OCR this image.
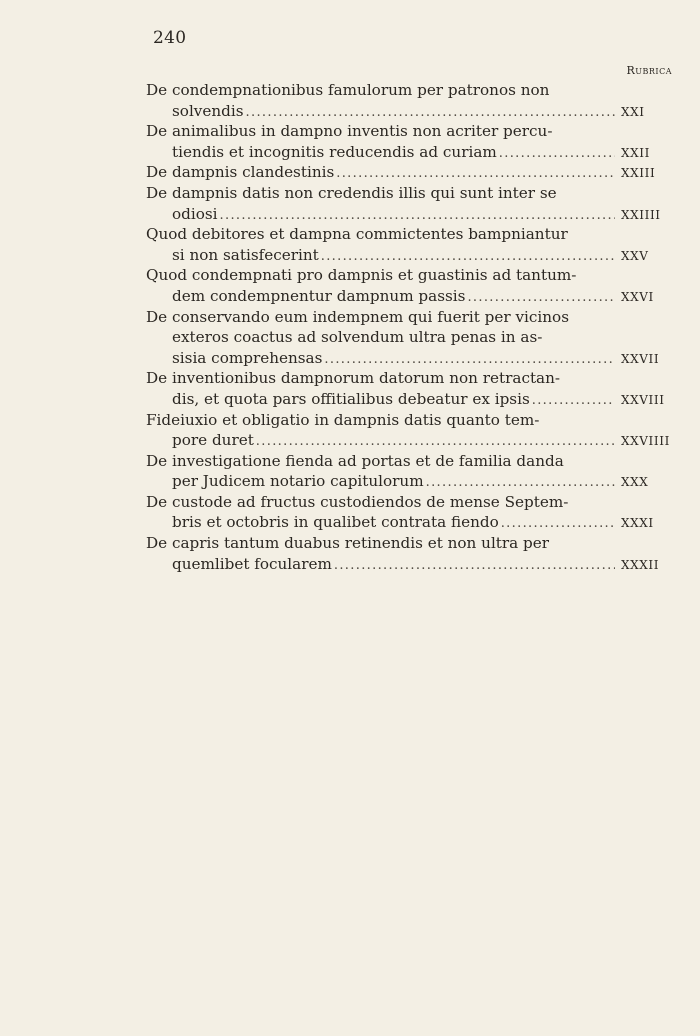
240
Rubrica
De condempnationibus famulorum per patronos non
solvendis . . .	XXI
De animalibus in dampno inventis non acriter percu-
tiendis et incognitis reducendis ad curiam . . .	XXII
De dampnis clandestinis . . .	XXIII
De dampnis datis non credendis illis qui sunt inter se
odiosi . . .	XXIIII
Quod debitores et dampna commictentes bampniantur
si non satisfecerint . . .	XXV
Quod condempnati pro dampnis et guastinis ad tantum-
dem condempnentur dampnum passis . . .	XXVI
De conservando eum indempnem qui fuerit per vicinos
exteros coactus ad solvendum ultra penas in as-
sisia comprehensas . . .	XXVII
De inventionibus dampnorum datorum non retractan-
dis, et quota pars offitialibus debeatur ex ipsis . . .	XXVIII
Fideiuxio et obligatio in dampnis datis quanto tem-
pore duret . . .	XXVIIII
De investigatione fienda ad portas et de familia danda
per Judicem notario capitulorum . . .	XXX
De custode ad fructus custodiendos de mense Septem-
bris et octobris in qualibet contrata fiendo . . .	XXXI
De capris tantum duabus retinendis et non ultra per
quemlibet focularem . . .	XXXII
